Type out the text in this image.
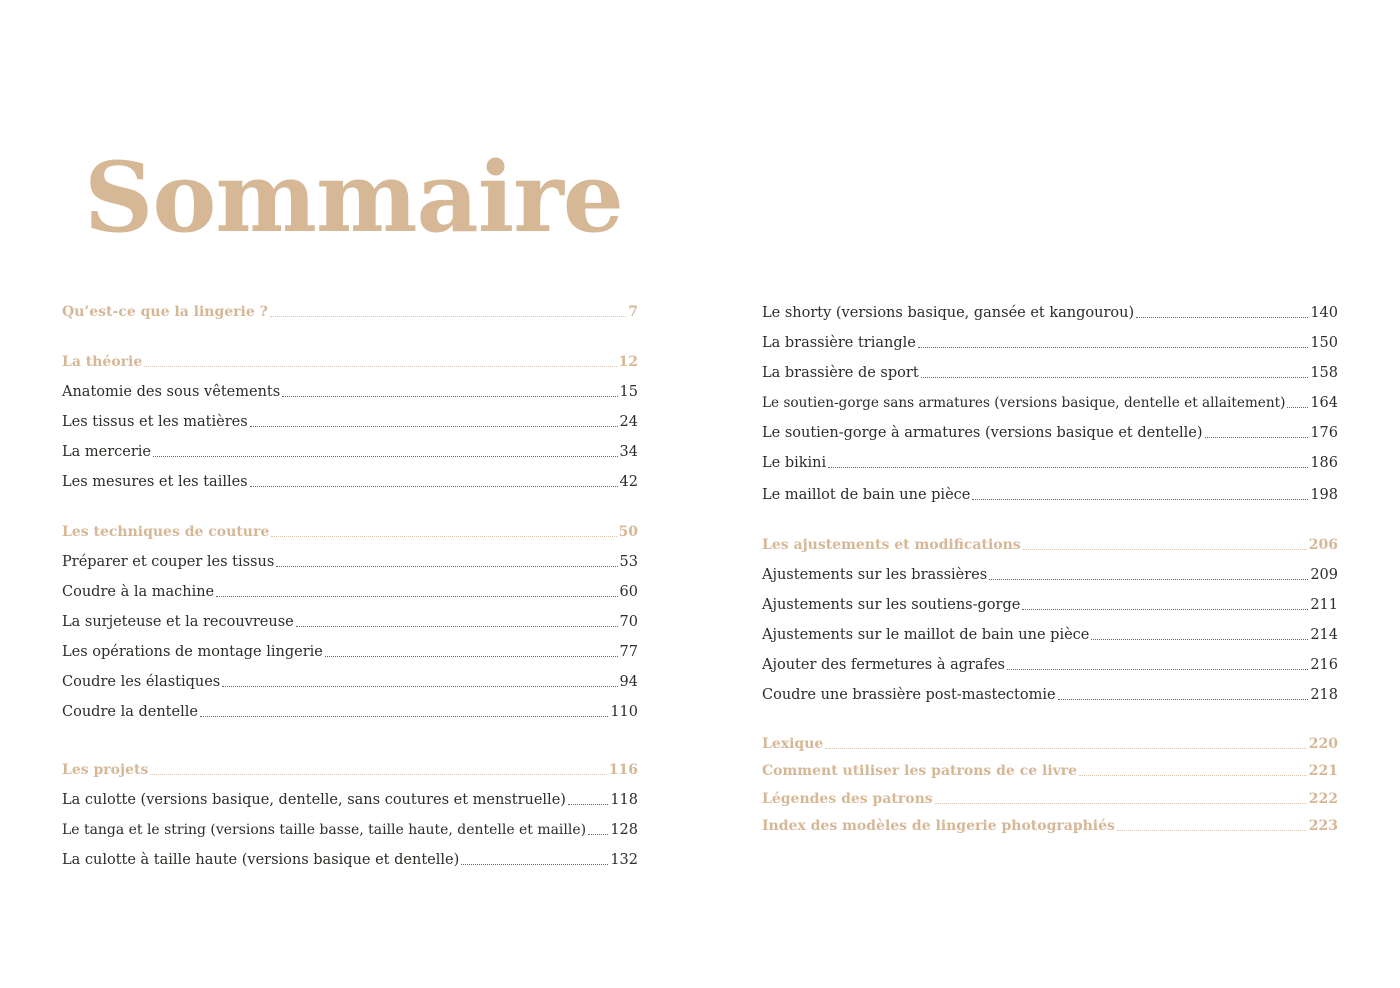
Sommaire
Qu’est-ce que la lingerie ?	7
La théorie	12
Anatomie des sous vêtements	15
Les tissus et les matières	24
La mercerie	34
Les mesures et les tailles	42
Les techniques de couture	50
Préparer et couper les tissus	53
Coudre à la machine	60
La surjeteuse et la recouvreuse	70
Les opérations de montage lingerie	77
Coudre les élastiques	94
Coudre la dentelle	110
Les projets	116
La culotte (versions basique, dentelle, sans coutures et menstruelle)	118
Le tanga et le string (versions taille basse, taille haute, dentelle et maille) 128
La culotte à taille haute (versions basique et dentelle)	132
Le shorty (versions basique, gansée et kangourou)	140
La brassière triangle	150
La brassière de sport	158
Le soutien-gorge sans armatures (versions basique, dentelle et allaitement) 164
Le soutien-gorge à armatures (versions basique et dentelle)	176
Le bikini	186
Le maillot de bain une pièce	198
Les ajustements et modifications	206
Ajustements sur les brassières	209
Ajustements sur les soutiens-gorge	211
Ajustements sur le maillot de bain une pièce	214
Ajouter des fermetures à agrafes	216
Coudre une brassière post-mastectomie	218
Lexique	220
Comment utiliser les patrons de ce livre	221
Légendes des patrons	222
Index des modèles de lingerie photographiés	223
